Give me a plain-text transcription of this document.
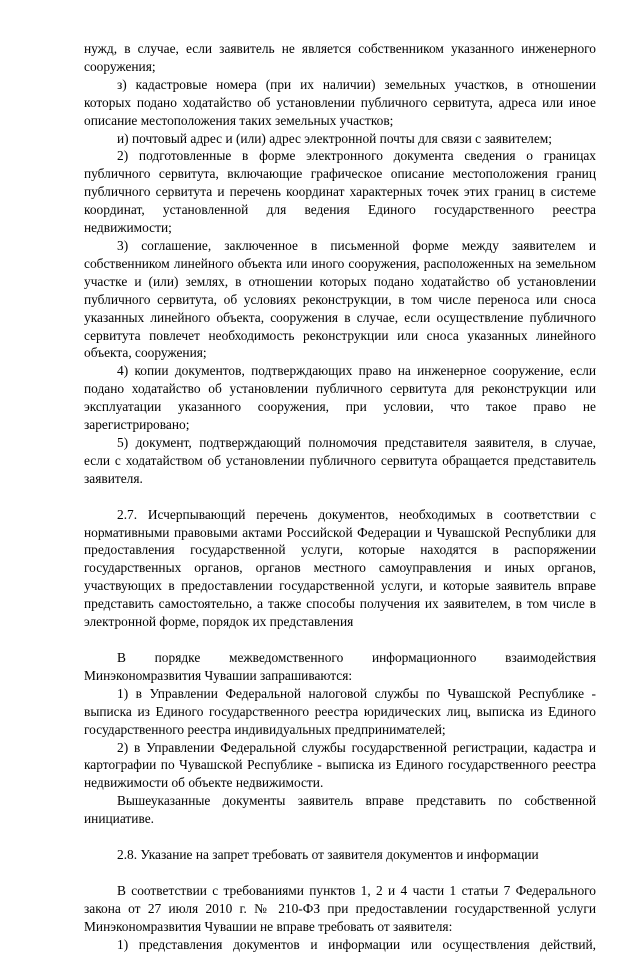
нужд, в случае, если заявитель не является собственником указанного инженерного сооружения;

з) кадастровые номера (при их наличии) земельных участков, в отношении которых подано ходатайство об установлении публичного сервитута, адреса или иное описание местоположения таких земельных участков;

и) почтовый адрес и (или) адрес электронной почты для связи с заявителем;

2) подготовленные в форме электронного документа сведения о границах публичного сервитута, включающие графическое описание местоположения границ публичного сервитута и перечень координат характерных точек этих границ в системе координат, установленной для ведения Единого государственного реестра недвижимости;

3) соглашение, заключенное в письменной форме между заявителем и собственником линейного объекта или иного сооружения, расположенных на земельном участке и (или) землях, в отношении которых подано ходатайство об установлении публичного сервитута, об условиях реконструкции, в том числе переноса или сноса указанных линейного объекта, сооружения в случае, если осуществление публичного сервитута повлечет необходимость реконструкции или сноса указанных линейного объекта, сооружения;

4) копии документов, подтверждающих право на инженерное сооружение, если подано ходатайство об установлении публичного сервитута для реконструкции или эксплуатации указанного сооружения, при условии, что такое право не зарегистрировано;

5) документ, подтверждающий полномочия представителя заявителя, в случае, если с ходатайством об установлении публичного сервитута обращается представитель заявителя.

2.7. Исчерпывающий перечень документов, необходимых в соответствии с нормативными правовыми актами Российской Федерации и Чувашской Республики для предоставления государственной услуги, которые находятся в распоряжении государственных органов, органов местного самоуправления и иных органов, участвующих в предоставлении государственной услуги, и которые заявитель вправе представить самостоятельно, а также способы получения их заявителем, в том числе в электронной форме, порядок их представления

В порядке межведомственного информационного взаимодействия Минэкономразвития Чувашии запрашиваются:

1) в Управлении Федеральной налоговой службы по Чувашской Республике - выписка из Единого государственного реестра юридических лиц, выписка из Единого государственного реестра индивидуальных предпринимателей;

2) в Управлении Федеральной службы государственной регистрации, кадастра и картографии по Чувашской Республике - выписка из Единого государственного реестра недвижимости об объекте недвижимости.

Вышеуказанные документы заявитель вправе представить по собственной инициативе.

2.8. Указание на запрет требовать от заявителя документов и информации

В соответствии с требованиями пунктов 1, 2 и 4 части 1 статьи 7 Федерального закона от 27 июля 2010 г. № 210-ФЗ при предоставлении государственной услуги Минэкономразвития Чувашии не вправе требовать от заявителя:

1) представления документов и информации или осуществления действий,
